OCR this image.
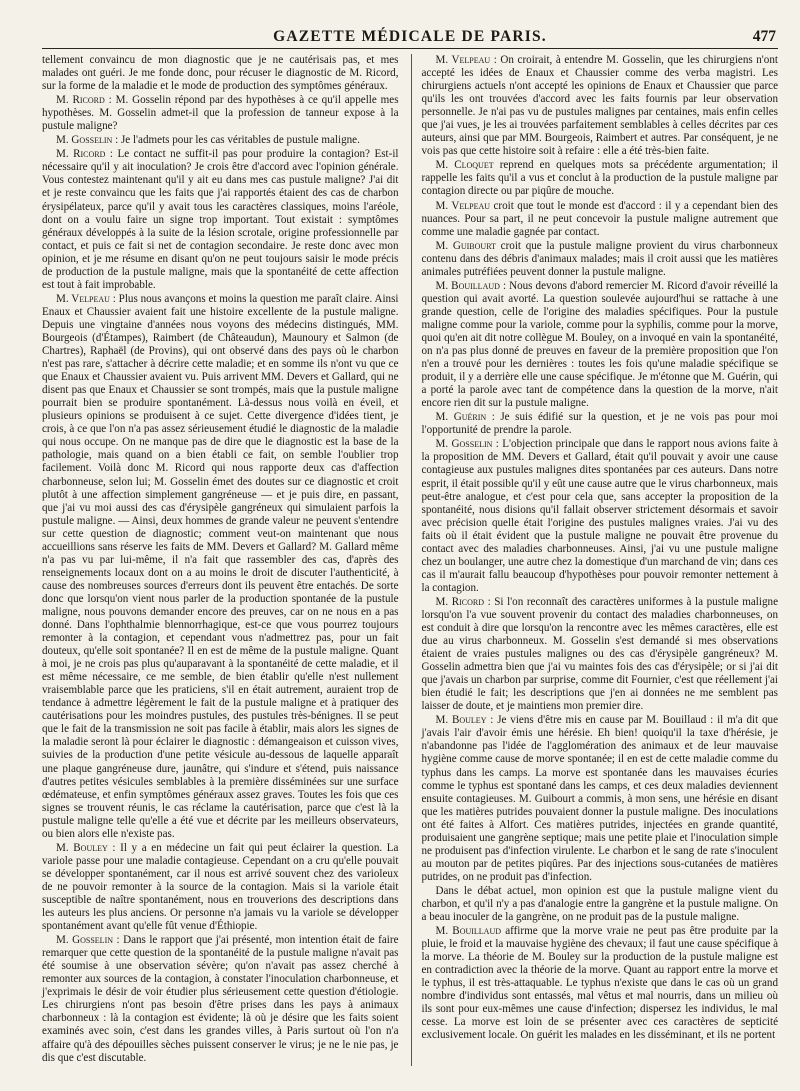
GAZETTE MÉDICALE DE PARIS.	477

tellement convaincu de mon diagnostic que je ne cautérisais pas, et mes malades ont guéri. Je me fonde donc, pour récuser le diagnostic de M. Ricord, sur la forme de la maladie et le mode de production des symptômes généraux.

M. Ricord : M. Gosselin répond par des hypothèses à ce qu'il appelle mes hypothèses. M. Gosselin admet-il que la profession de tanneur expose à la pustule maligne?

M. Gosselin : Je l'admets pour les cas véritables de pustule maligne.

M. Ricord : Le contact ne suffit-il pas pour produire la contagion? Est-il nécessaire qu'il y ait inoculation? Je crois être d'accord avec l'opinion générale. Vous contestez maintenant qu'il y ait eu dans mes cas pustule maligne? J'ai dit et je reste convaincu que les faits que j'ai rapportés étaient des cas de charbon érysipélateux, parce qu'il y avait tous les caractères classiques, moins l'aréole, dont on a voulu faire un signe trop important. Tout existait : symptômes généraux développés à la suite de la lésion scrotale, origine professionnelle par contact, et puis ce fait si net de contagion secondaire. Je reste donc avec mon opinion, et je me résume en disant qu'on ne peut toujours saisir le mode précis de production de la pustule maligne, mais que la spontanéité de cette affection est tout à fait improbable.

M. Velpeau : Plus nous avançons et moins la question me paraît claire. Ainsi Enaux et Chaussier avaient fait une histoire excellente de la pustule maligne. Depuis une vingtaine d'années nous voyons des médecins distingués, MM. Bourgeois (d'Étampes), Raimbert (de Châteaudun), Maunoury et Salmon (de Chartres), Raphaël (de Provins), qui ont observé dans des pays où le charbon n'est pas rare, s'attacher à décrire cette maladie; et en somme ils n'ont vu que ce que Enaux et Chaussier avaient vu. Puis arrivent MM. Devers et Gallard, qui ne disent pas que Enaux et Chaussier se sont trompés, mais que la pustule maligne pourrait bien se produire spontanément. Là-dessus nous voilà en éveil, et plusieurs opinions se produisent à ce sujet. Cette divergence d'idées tient, je crois, à ce que l'on n'a pas assez sérieusement étudié le diagnostic de la maladie qui nous occupe. On ne manque pas de dire que le diagnostic est la base de la pathologie, mais quand on a bien établi ce fait, on semble l'oublier trop facilement. Voilà donc M. Ricord qui nous rapporte deux cas d'affection charbonneuse, selon lui; M. Gosselin émet des doutes sur ce diagnostic et croit plutôt à une affection simplement gangréneuse — et je puis dire, en passant, que j'ai vu moi aussi des cas d'érysipèle gangréneux qui simulaient parfois la pustule maligne. — Ainsi, deux hommes de grande valeur ne peuvent s'entendre sur cette question de diagnostic; comment veut-on maintenant que nous accueillions sans réserve les faits de MM. Devers et Gallard? M. Gallard même n'a pas vu par lui-même, il n'a fait que rassembler des cas, d'après des renseignements locaux dont on a au moins le droit de discuter l'authenticité, à cause des nombreuses sources d'erreurs dont ils peuvent être entachés. De sorte donc que lorsqu'on vient nous parler de la production spontanée de la pustule maligne, nous pouvons demander encore des preuves, car on ne nous en a pas donné. Dans l'ophthalmie blennorrhagique, est-ce que vous pourrez toujours remonter à la contagion, et cependant vous n'admettrez pas, pour un fait douteux, qu'elle soit spontanée? Il en est de même de la pustule maligne. Quant à moi, je ne crois pas plus qu'auparavant à la spontanéité de cette maladie, et il est même nécessaire, ce me semble, de bien établir qu'elle n'est nullement vraisemblable parce que les praticiens, s'il en était autrement, auraient trop de tendance à admettre légèrement le fait de la pustule maligne et à pratiquer des cautérisations pour les moindres pustules, des pustules très-bénignes. Il se peut que le fait de la transmission ne soit pas facile à établir, mais alors les signes de la maladie seront là pour éclairer le diagnostic : démangeaison et cuisson vives, suivies de la production d'une petite vésicule au-dessous de laquelle apparaît une plaque gangréneuse dure, jaunâtre, qui s'indure et s'étend, puis naissance d'autres petites vésicules semblables à la première disséminées sur une surface œdémateuse, et enfin symptômes généraux assez graves. Toutes les fois que ces signes se trouvent réunis, le cas réclame la cautérisation, parce que c'est là la pustule maligne telle qu'elle a été vue et décrite par les meilleurs observateurs, ou bien alors elle n'existe pas.

M. Bouley : Il y a en médecine un fait qui peut éclairer la question. La variole passe pour une maladie contagieuse. Cependant on a cru qu'elle pouvait se développer spontanément, car il nous est arrivé souvent chez des varioleux de ne pouvoir remonter à la source de la contagion. Mais si la variole était susceptible de naître spontanément, nous en trouverions des descriptions dans les auteurs les plus anciens. Or personne n'a jamais vu la variole se développer spontanément avant qu'elle fût venue d'Éthiopie.

M. Gosselin : Dans le rapport que j'ai présenté, mon intention était de faire remarquer que cette question de la spontanéité de la pustule maligne n'avait pas été soumise à une observation sévère; qu'on n'avait pas assez cherché à remonter aux sources de la contagion, à constater l'inoculation charbonneuse, et j'exprimais le désir de voir étudier plus sérieusement cette question d'étiologie. Les chirurgiens n'ont pas besoin d'être prises dans les pays à animaux charbonneux : là la contagion est évidente; là où je désire que les faits soient examinés avec soin, c'est dans les grandes villes, à Paris surtout où l'on n'a affaire qu'à des dépouilles sèches puissent conserver le virus; je ne le nie pas, je dis que c'est discutable.

M. Velpeau : On croirait, à entendre M. Gosselin, que les chirurgiens n'ont accepté les idées de Enaux et Chaussier comme des verba magistri. Les chirurgiens actuels n'ont accepté les opinions de Enaux et Chaussier que parce qu'ils les ont trouvées d'accord avec les faits fournis par leur observation personnelle. Je n'ai pas vu de pustules malignes par centaines, mais enfin celles que j'ai vues, je les ai trouvées parfaitement semblables à celles décrites par ces auteurs, ainsi que par MM. Bourgeois, Raimbert et autres. Par conséquent, je ne vois pas que cette histoire soit à refaire : elle a été très-bien faite.

M. Cloquet reprend en quelques mots sa précédente argumentation; il rappelle les faits qu'il a vus et conclut à la production de la pustule maligne par contagion directe ou par piqûre de mouche.

M. Velpeau croit que tout le monde est d'accord : il y a cependant bien des nuances. Pour sa part, il ne peut concevoir la pustule maligne autrement que comme une maladie gagnée par contact.

M. Guibourt croit que la pustule maligne provient du virus charbonneux contenu dans des débris d'animaux malades; mais il croit aussi que les matières animales putréfiées peuvent donner la pustule maligne.

M. Bouillaud : Nous devons d'abord remercier M. Ricord d'avoir réveillé la question qui avait avorté. La question soulevée aujourd'hui se rattache à une grande question, celle de l'origine des maladies spécifiques. Pour la pustule maligne comme pour la variole, comme pour la syphilis, comme pour la morve, quoi qu'en ait dit notre collègue M. Bouley, on a invoqué en vain la spontanéité, on n'a pas plus donné de preuves en faveur de la première proposition que l'on n'en a trouvé pour les dernières : toutes les fois qu'une maladie spécifique se produit, il y a derrière elle une cause spécifique. Je m'étonne que M. Guérin, qui a porté la parole avec tant de compétence dans la question de la morve, n'ait encore rien dit sur la pustule maligne.

M. Guérin : Je suis édifié sur la question, et je ne vois pas pour moi l'opportunité de prendre la parole.

M. Gosselin : L'objection principale que dans le rapport nous avions faite à la proposition de MM. Devers et Gallard, était qu'il pouvait y avoir une cause contagieuse aux pustules malignes dites spontanées par ces auteurs. Dans notre esprit, il était possible qu'il y eût une cause autre que le virus charbonneux, mais peut-être analogue, et c'est pour cela que, sans accepter la proposition de la spontanéité, nous disions qu'il fallait observer strictement désormais et savoir avec précision quelle était l'origine des pustules malignes vraies. J'ai vu des faits où il était évident que la pustule maligne ne pouvait être provenue du contact avec des maladies charbonneuses. Ainsi, j'ai vu une pustule maligne chez un boulanger, une autre chez la domestique d'un marchand de vin; dans ces cas il m'aurait fallu beaucoup d'hypothèses pour pouvoir remonter nettement à la contagion.

M. Ricord : Si l'on reconnaît des caractères uniformes à la pustule maligne lorsqu'on l'a vue souvent provenir du contact des maladies charbonneuses, on est conduit à dire que lorsqu'on la rencontre avec les mêmes caractères, elle est due au virus charbonneux. M. Gosselin s'est demandé si mes observations étaient de vraies pustules malignes ou des cas d'érysipèle gangréneux? M. Gosselin admettra bien que j'ai vu maintes fois des cas d'érysipèle; or si j'ai dit que j'avais un charbon par surprise, comme dit Fournier, c'est que réellement j'ai bien étudié le fait; les descriptions que j'en ai données ne me semblent pas laisser de doute, et je maintiens mon premier dire.

M. Bouley : Je viens d'être mis en cause par M. Bouillaud : il m'a dit que j'avais l'air d'avoir émis une hérésie. Eh bien! quoiqu'il la taxe d'hérésie, je n'abandonne pas l'idée de l'agglomération des animaux et de leur mauvaise hygiène comme cause de morve spontanée; il en est de cette maladie comme du typhus dans les camps. La morve est spontanée dans les mauvaises écuries comme le typhus est spontané dans les camps, et ces deux maladies deviennent ensuite contagieuses. M. Guibourt a commis, à mon sens, une hérésie en disant que les matières putrides pouvaient donner la pustule maligne. Des inoculations ont été faites à Alfort. Ces matières putrides, injectées en grande quantité, produisaient une gangrène septique; mais une petite plaie et l'inoculation simple ne produisent pas d'infection virulente. Le charbon et le sang de rate s'inoculent au mouton par de petites piqûres. Par des injections sous-cutanées de matières putrides, on ne produit pas d'infection.

Dans le débat actuel, mon opinion est que la pustule maligne vient du charbon, et qu'il n'y a pas d'analogie entre la gangrène et la pustule maligne. On a beau inoculer de la gangrène, on ne produit pas de la pustule maligne.

M. Bouillaud affirme que la morve vraie ne peut pas être produite par la pluie, le froid et la mauvaise hygiène des chevaux; il faut une cause spécifique à la morve. La théorie de M. Bouley sur la production de la pustule maligne est en contradiction avec la théorie de la morve. Quant au rapport entre la morve et le typhus, il est très-attaquable. Le typhus n'existe que dans le cas où un grand nombre d'individus sont entassés, mal vêtus et mal nourris, dans un milieu où ils sont pour eux-mêmes une cause d'infection; dispersez les individus, le mal cesse. La morve est loin de se présenter avec ces caractères de septicité exclusivement locale. On guérit les malades en les disséminant, et ils ne portent
